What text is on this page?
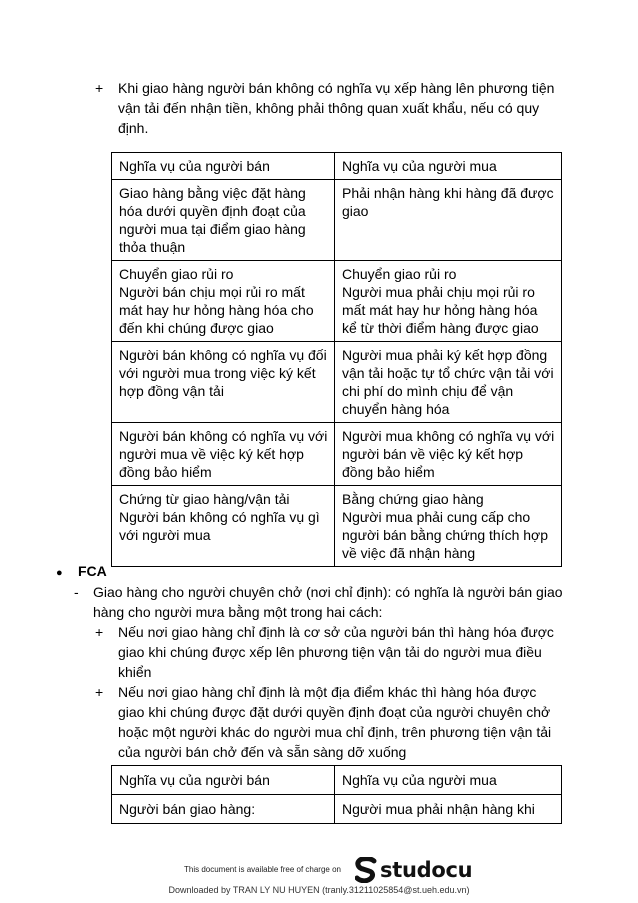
+ Khi giao hàng người bán không có nghĩa vụ xếp hàng lên phương tiện
vận tải đến nhận tiền, không phải thông quan xuất khẩu, nếu có quy
định.
Nghĩa vụ của người bán	Nghĩa vụ của người mua

Giao hàng bằng việc đặt hàng
hóa dưới quyền định đoạt của
người mua tại điểm giao hàng
thỏa thuận	Phải nhận hàng khi hàng đã được
giao

Chuyển giao rủi ro
Người bán chịu mọi rủi ro mất
mát hay hư hỏng hàng hóa cho
đến khi chúng được giao	Chuyển giao rủi ro
Người mua phải chịu mọi rủi ro
mất mát hay hư hỏng hàng hóa
kể từ thời điểm hàng được giao

Người bán không có nghĩa vụ đối
với người mua trong việc ký kết
hợp đồng vận tải	Người mua phải ký kết hợp đồng
vận tải hoặc tự tổ chức vận tải với
chi phí do mình chịu để vận
chuyển hàng hóa

Người bán không có nghĩa vụ với
người mua về việc ký kết hợp
đồng bảo hiểm	Người mua không có nghĩa vụ với
người bán về việc ký kết hợp
đồng bảo hiểm

Chứng từ giao hàng/vận tải
Người bán không có nghĩa vụ gì
với người mua	Bằng chứng giao hàng
Người mua phải cung cấp cho
người bán bằng chứng thích hợp
về việc đã nhận hàng
● FCA
- Giao hàng cho người chuyên chở (nơi chỉ định): có nghĩa là người bán giao
hàng cho người mưa bằng một trong hai cách:
+ Nếu nơi giao hàng chỉ định là cơ sở của người bán thì hàng hóa được
giao khi chúng được xếp lên phương tiện vận tải do người mua điều
khiển
+ Nếu nơi giao hàng chỉ định là một địa điểm khác thì hàng hóa được
giao khi chúng được đặt dưới quyền định đoạt của người chuyên chở
hoặc một người khác do người mua chỉ định, trên phương tiện vận tải
của người bán chở đến và sẵn sàng dỡ xuống
Nghĩa vụ của người bán	Nghĩa vụ của người mua

Người bán giao hàng:	Người mua phải nhận hàng khi
This document is available free of charge on studocu
Downloaded by TRAN LY NU HUYEN (tranly.31211025854@st.ueh.edu.vn)
